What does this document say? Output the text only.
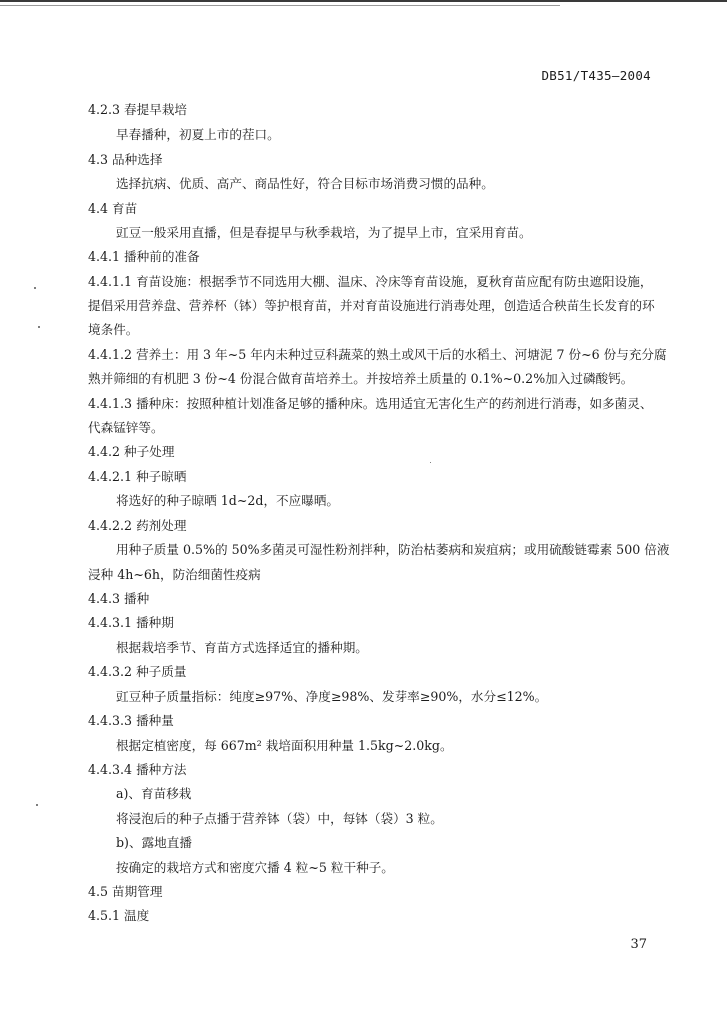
DB51/T435—2004
4.2.3 春提早栽培
早春播种，初夏上市的茬口。
4.3 品种选择
选择抗病、优质、高产、商品性好，符合目标市场消费习惯的品种。
4.4 育苗
豇豆一般采用直播，但是春提早与秋季栽培，为了提早上市，宜采用育苗。
4.4.1 播种前的准备
4.4.1.1 育苗设施：根据季节不同选用大棚、温床、冷床等育苗设施，夏秋育苗应配有防虫遮阳设施，
提倡采用营养盘、营养杯（钵）等护根育苗，并对育苗设施进行消毒处理，创造适合秧苗生长发育的环
境条件。
4.4.1.2 营养土：用 3 年~5 年内未种过豆科蔬菜的熟土或风干后的水稻土、河塘泥 7 份~6 份与充分腐
熟并筛细的有机肥 3 份~4 份混合做育苗培养土。并按培养土质量的 0.1%~0.2%加入过磷酸钙。
4.4.1.3 播种床：按照种植计划准备足够的播种床。选用适宜无害化生产的药剂进行消毒，如多菌灵、
代森锰锌等。
4.4.2 种子处理
4.4.2.1 种子晾晒
将选好的种子晾晒 1d~2d，不应曝晒。
4.4.2.2 药剂处理
用种子质量 0.5%的 50%多菌灵可湿性粉剂拌种，防治枯萎病和炭疽病；或用硫酸链霉素 500 倍液
浸种 4h~6h，防治细菌性疫病
4.4.3 播种
4.4.3.1 播种期
根据栽培季节、育苗方式选择适宜的播种期。
4.4.3.2 种子质量
豇豆种子质量指标：纯度≥97%、净度≥98%、发芽率≥90%，水分≤12%。
4.4.3.3 播种量
根据定植密度，每 667m² 栽培面积用种量 1.5kg~2.0kg。
4.4.3.4 播种方法
a)、育苗移栽
将浸泡后的种子点播于营养钵（袋）中，每钵（袋）3 粒。
b)、露地直播
按确定的栽培方式和密度穴播 4 粒~5 粒干种子。
4.5 苗期管理
4.5.1 温度
37
